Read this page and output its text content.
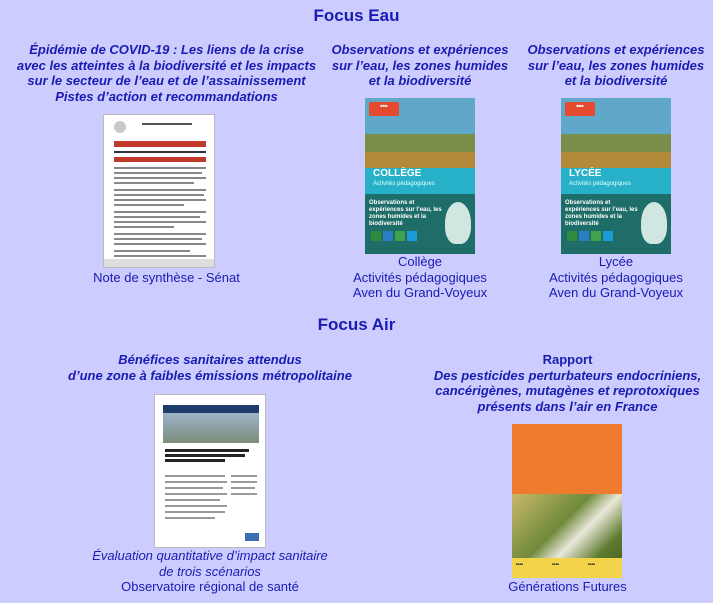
Focus Eau
Épidémie de COVID-19 : Les liens de la crise
avec les atteintes à la biodiversité et les impacts
sur le secteur de l’eau et de l’assainissement
Pistes d’action et recommandations
Note de synthèse - Sénat
Observations et expériences
sur l’eau, les zones humides
et la biodiversité
■■■
COLLÈGE
Activités pédagogiques
Observations et expériences sur l’eau, les zones humides et la biodiversité
Collège
Activités pédagogiques
Aven du Grand-Voyeux
Observations et expériences
sur l’eau, les zones humides
et la biodiversité
■■■
LYCÉE
Activités pédagogiques
Observations et expériences sur l’eau, les zones humides et la biodiversité
Lycée
Activités pédagogiques
Aven du Grand-Voyeux
Focus Air
Bénéfices sanitaires attendus
d’une zone à faibles émissions métropolitaine
Évaluation quantitative d’impact sanitaire
de trois scénarios
Observatoire régional de santé
Rapport
Des pesticides perturbateurs endocriniens,
cancérigènes, mutagènes et reprotoxiques
présents dans l’air en France
■■■■	■■■■	■■■■
Générations Futures
